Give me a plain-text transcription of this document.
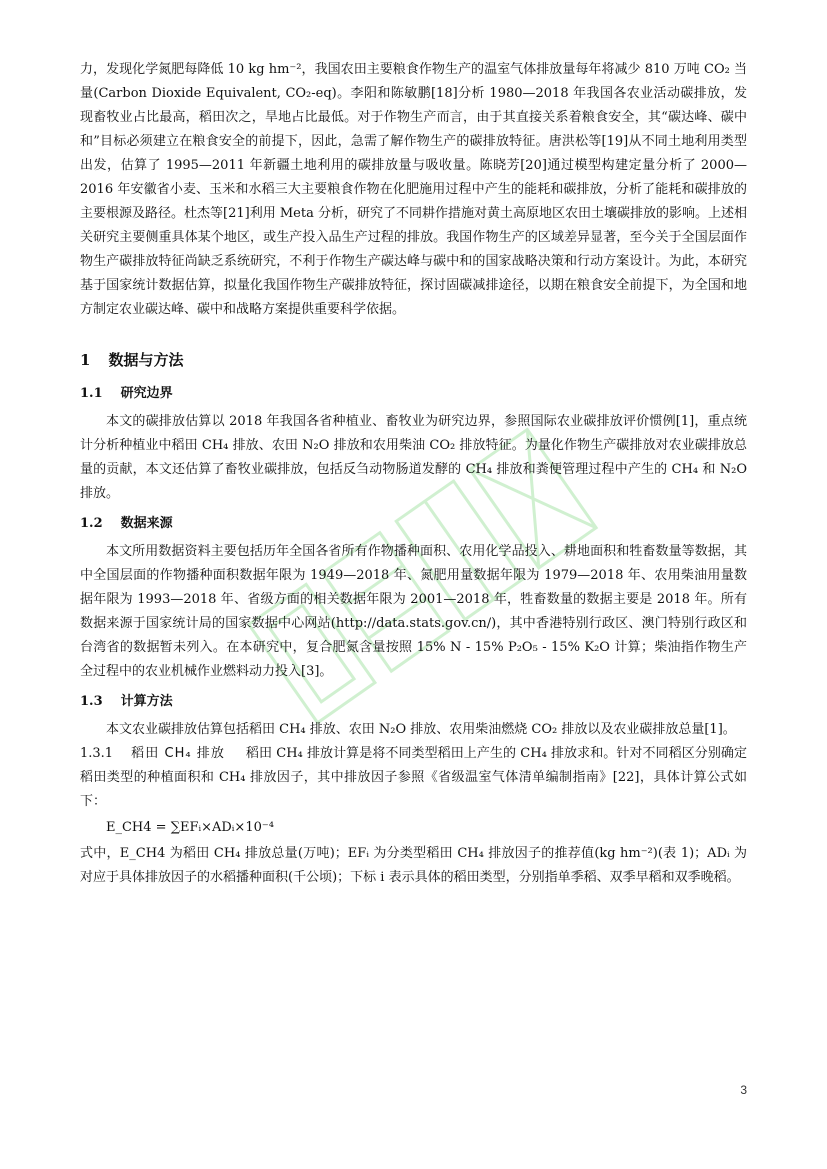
力，发现化学氮肥每降低 10 kg hm⁻²，我国农田主要粮食作物生产的温室气体排放量每年将减少 810 万吨 CO₂ 当量(Carbon Dioxide Equivalent, CO₂-eq)。李阳和陈敏鹏[18]分析 1980—2018 年我国各农业活动碳排放，发现畜牧业占比最高，稻田次之，旱地占比最低。对于作物生产而言，由于其直接关系着粮食安全，其“碳达峰、碳中和”目标必须建立在粮食安全的前提下，因此，急需了解作物生产的碳排放特征。唐洪松等[19]从不同土地利用类型出发，估算了 1995—2011 年新疆土地利用的碳排放量与吸收量。陈晓芳[20]通过模型构建定量分析了 2000—2016 年安徽省小麦、玉米和水稻三大主要粮食作物在化肥施用过程中产生的能耗和碳排放，分析了能耗和碳排放的主要根源及路径。杜杰等[21]利用 Meta 分析，研究了不同耕作措施对黄土高原地区农田土壤碳排放的影响。上述相关研究主要侧重具体某个地区，或生产投入品生产过程的排放。我国作物生产的区域差异显著，至今关于全国层面作物生产碳排放特征尚缺乏系统研究，不利于作物生产碳达峰与碳中和的国家战略决策和行动方案设计。为此，本研究基于国家统计数据估算，拟量化我国作物生产碳排放特征，探讨固碳减排途径，以期在粮食安全前提下，为全国和地方制定农业碳达峰、碳中和战略方案提供重要科学依据。

1 数据与方法
1.1 研究边界

本文的碳排放估算以 2018 年我国各省种植业、畜牧业为研究边界，参照国际农业碳排放评价惯例[1]，重点统计分析种植业中稻田 CH₄ 排放、农田 N₂O 排放和农用柴油 CO₂ 排放特征。为量化作物生产碳排放对农业碳排放总量的贡献，本文还估算了畜牧业碳排放，包括反刍动物肠道发酵的 CH₄ 排放和粪便管理过程中产生的 CH₄ 和 N₂O 排放。

1.2 数据来源

本文所用数据资料主要包括历年全国各省所有作物播种面积、农用化学品投入、耕地面积和牲畜数量等数据，其中全国层面的作物播种面积数据年限为 1949—2018 年、氮肥用量数据年限为 1979—2018 年、农用柴油用量数据年限为 1993—2018 年、省级方面的相关数据年限为 2001—2018 年，牲畜数量的数据主要是 2018 年。所有数据来源于国家统计局的国家数据中心网站(http://data.stats.gov.cn/)，其中香港特别行政区、澳门特别行政区和台湾省的数据暂未列入。在本研究中，复合肥氮含量按照 15% N - 15% P₂O₅ - 15% K₂O 计算；柴油指作物生产全过程中的农业机械作业燃料动力投入[3]。

1.3 计算方法

本文农业碳排放估算包括稻田 CH₄ 排放、农田 N₂O 排放、农用柴油燃烧 CO₂ 排放以及农业碳排放总量[1]。

1.3.1 稻田 CH₄ 排放 稻田 CH₄ 排放计算是将不同类型稻田上产生的 CH₄ 排放求和。针对不同稻区分别确定稻田类型的种植面积和 CH₄ 排放因子，其中排放因子参照《省级温室气体清单编制指南》[22]，具体计算公式如下：

E_CH4 = ∑EFᵢ×ADᵢ×10⁻⁴

式中，E_CH4 为稻田 CH₄ 排放总量(万吨)；EFᵢ 为分类型稻田 CH₄ 排放因子的推荐值(kg hm⁻²)(表 1)；ADᵢ 为对应于具体排放因子的水稻播种面积(千公顷)；下标 i 表示具体的稻田类型，分别指单季稻、双季早稻和双季晚稻。

3
